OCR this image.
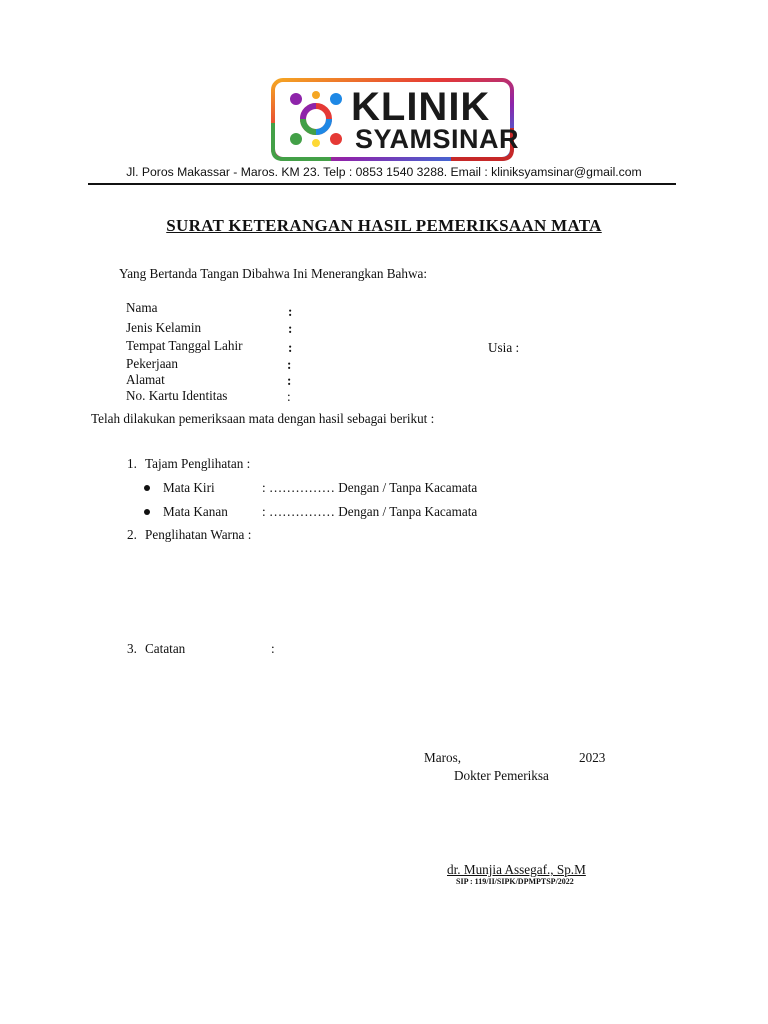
KLINIK
SYAMSINAR
Jl. Poros Makassar - Maros. KM 23. Telp : 0853 1540 3288. Email : kliniksyamsinar@gmail.com
SURAT KETERANGAN HASIL PEMERIKSAAN MATA
Yang Bertanda Tangan Dibahwa Ini Menerangkan Bahwa:
Nama	:
Jenis Kelamin	:
Tempat Tanggal Lahir	:	Usia :
Pekerjaan	:
Alamat	:
No. Kartu Identitas	:
Telah dilakukan pemeriksaan mata dengan hasil sebagai berikut :
1. Tajam Penglihatan :
Mata Kiri	: …………… Dengan / Tanpa Kacamata
Mata Kanan	: …………… Dengan / Tanpa Kacamata
2. Penglihatan Warna :
3. Catatan	:
Maros,	2023
Dokter Pemeriksa
dr. Munjia Assegaf., Sp.M
SIP : 119/II/SIPK/DPMPTSP/2022
